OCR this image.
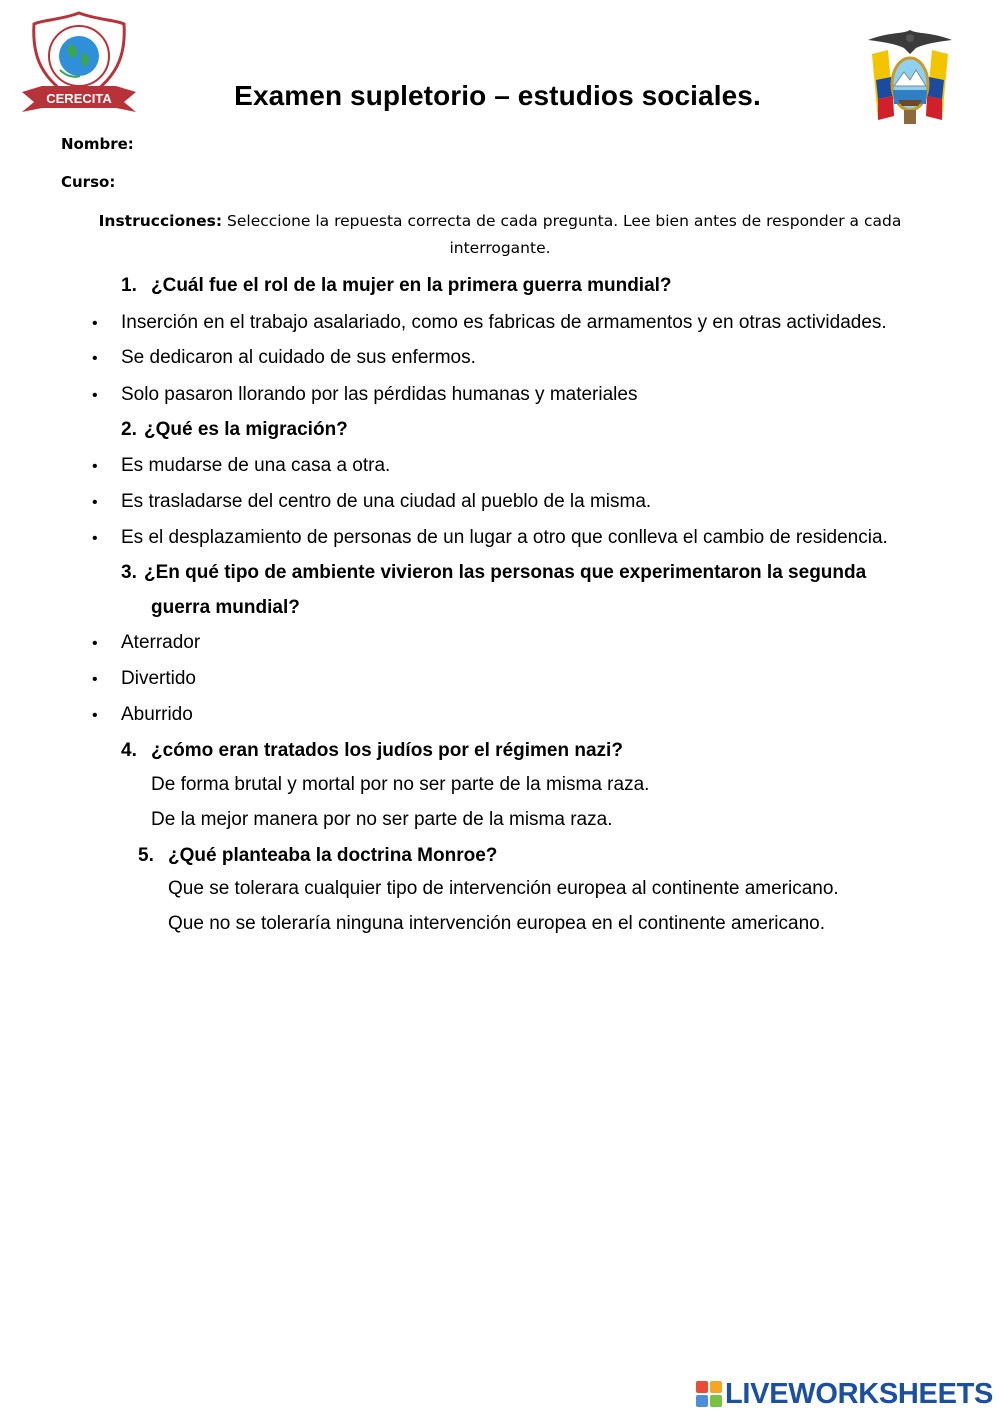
CERECITA	Examen supletorio – estudios sociales.
Nombre:
Curso:
Instrucciones: Seleccione la repuesta correcta de cada pregunta. Lee bien antes de responder a cada
interrogante.
1. ¿Cuál fue el rol de la mujer en la primera guerra mundial?
• Inserción en el trabajo asalariado, como es fabricas de armamentos y en otras actividades.
• Se dedicaron al cuidado de sus enfermos.
• Solo pasaron llorando por las pérdidas humanas y materiales
2. ¿Qué es la migración?
• Es mudarse de una casa a otra.
• Es trasladarse del centro de una ciudad al pueblo de la misma.
• Es el desplazamiento de personas de un lugar a otro que conlleva el cambio de residencia.
3. ¿En qué tipo de ambiente vivieron las personas que experimentaron la segunda
guerra mundial?
• Aterrador
• Divertido
• Aburrido
4. ¿cómo eran tratados los judíos por el régimen nazi?
De forma brutal y mortal por no ser parte de la misma raza.
De la mejor manera por no ser parte de la misma raza.
5. ¿Qué planteaba la doctrina Monroe?
Que se tolerara cualquier tipo de intervención europea al continente americano.
Que no se toleraría ninguna intervención europea en el continente americano.
LIVEWORKSHEETS
